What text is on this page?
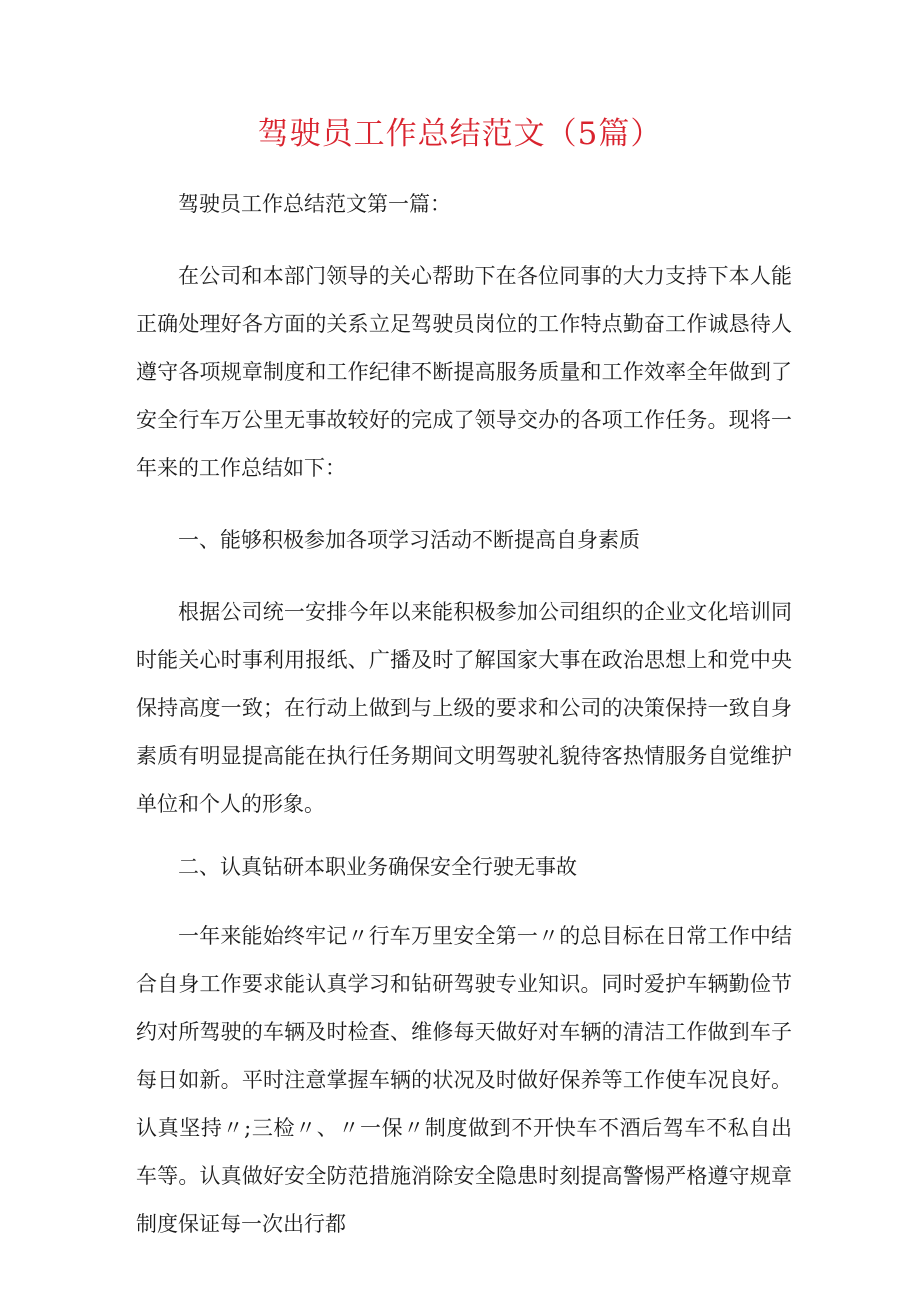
驾驶员工作总结范文（5篇）

驾驶员工作总结范文第一篇：

在公司和本部门领导的关心帮助下在各位同事的大力支持下本人能正确处理好各方面的关系立足驾驶员岗位的工作特点勤奋工作诚恳待人遵守各项规章制度和工作纪律不断提高服务质量和工作效率全年做到了安全行车万公里无事故较好的完成了领导交办的各项工作任务。现将一年来的工作总结如下：

一、能够积极参加各项学习活动不断提高自身素质

根据公司统一安排今年以来能积极参加公司组织的企业文化培训同时能关心时事利用报纸、广播及时了解国家大事在政治思想上和党中央保持高度一致；在行动上做到与上级的要求和公司的决策保持一致自身素质有明显提高能在执行任务期间文明驾驶礼貌待客热情服务自觉维护单位和个人的形象。

二、认真钻研本职业务确保安全行驶无事故

一年来能始终牢记〃行车万里安全第一〃的总目标在日常工作中结合自身工作要求能认真学习和钻研驾驶专业知识。同时爱护车辆勤俭节约对所驾驶的车辆及时检查、维修每天做好对车辆的清洁工作做到车子每日如新。平时注意掌握车辆的状况及时做好保养等工作使车况良好。认真坚持〃;三检〃、〃一保〃制度做到不开快车不酒后驾车不私自出车等。认真做好安全防范措施消除安全隐患时刻提高警惕严格遵守规章制度保证每一次出行都
